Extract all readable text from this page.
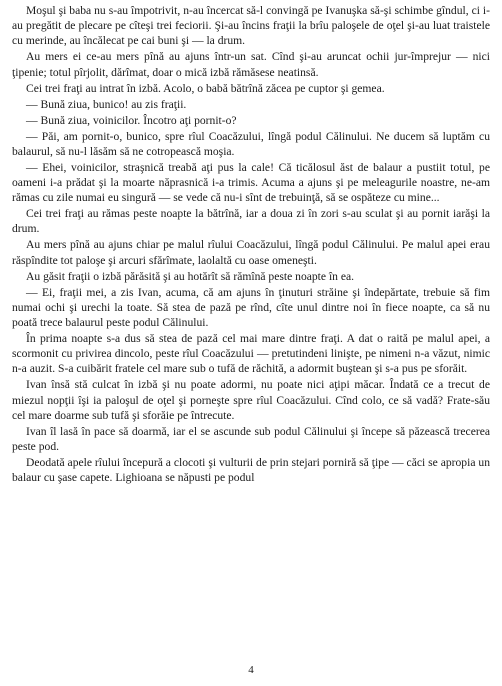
Moşul şi baba nu s-au împotrivit, n-au încercat să-l convingă pe Ivanuşka să-şi schimbe gîndul, ci i-au pregătit de plecare pe cîteşi trei feciorii. Şi-au încins fraţii la brîu paloşele de oţel şi-au luat traistele cu merinde, au încălecat pe cai buni şi — la drum.

Au mers ei ce-au mers pînă au ajuns într-un sat. Cînd şi-au aruncat ochii jur-împrejur — nici ţipenie; totul pîrjolit, dărîmat, doar o mică izbă rămăsese neatinsă.

Cei trei fraţi au intrat în izbă. Acolo, o babă bătrînă zăcea pe cuptor şi gemea.

— Bună ziua, bunico! au zis fraţii.

— Bună ziua, voinicilor. Încotro aţi pornit-o?

— Păi, am pornit-o, bunico, spre rîul Coacăzului, lîngă podul Călinului. Ne ducem să luptăm cu balaurul, să nu-l lăsăm să ne cotropească moşia.

— Ehei, voinicilor, straşnică treabă aţi pus la cale! Că ticălosul ăst de balaur a pustiit totul, pe oameni i-a prădat şi la moarte năprasnică i-a trimis. Acuma a ajuns şi pe meleagurile noastre, ne-am rămas cu zile numai eu singură — se vede că nu-i sînt de trebuinţă, să se ospăteze cu mine...

Cei trei fraţi au rămas peste noapte la bătrînă, iar a doua zi în zori s-au sculat şi au pornit iarăşi la drum.

Au mers pînă au ajuns chiar pe malul rîului Coacăzului, lîngă podul Călinului. Pe malul apei erau răspîndite tot paloşe şi arcuri sfărîmate, laolaltă cu oase omeneşti.

Au găsit fraţii o izbă părăsită şi au hotărît să rămînă peste noapte în ea.

— Ei, fraţii mei, a zis Ivan, acuma, că am ajuns în ţinuturi străine şi îndepărtate, trebuie să fim numai ochi şi urechi la toate. Să stea de pază pe rînd, cîte unul dintre noi în fiece noapte, ca să nu poată trece balaurul peste podul Călinului.

În prima noapte s-a dus să stea de pază cel mai mare dintre fraţi. A dat o raită pe malul apei, a scormonit cu privirea dincolo, peste rîul Coacăzului — pretutindeni linişte, pe nimeni n-a văzut, nimic n-a auzit. S-a cuibărit fratele cel mare sub o tufă de răchită, a adormit buştean şi s-a pus pe sforăit.

Ivan însă stă culcat în izbă şi nu poate adormi, nu poate nici aţipi măcar. Îndată ce a trecut de miezul nopţii îşi ia paloşul de oţel şi porneşte spre rîul Coacăzului. Cînd colo, ce să vadă? Frate-său cel mare doarme sub tufă şi sforăie pe întrecute.

Ivan îl lasă în pace să doarmă, iar el se ascunde sub podul Călinului şi începe să păzească trecerea peste pod.

Deodată apele rîului începură a clocoti şi vulturii de prin stejari porniră să ţipe — căci se apropia un balaur cu şase capete. Lighioana se năpusti pe podul

4
